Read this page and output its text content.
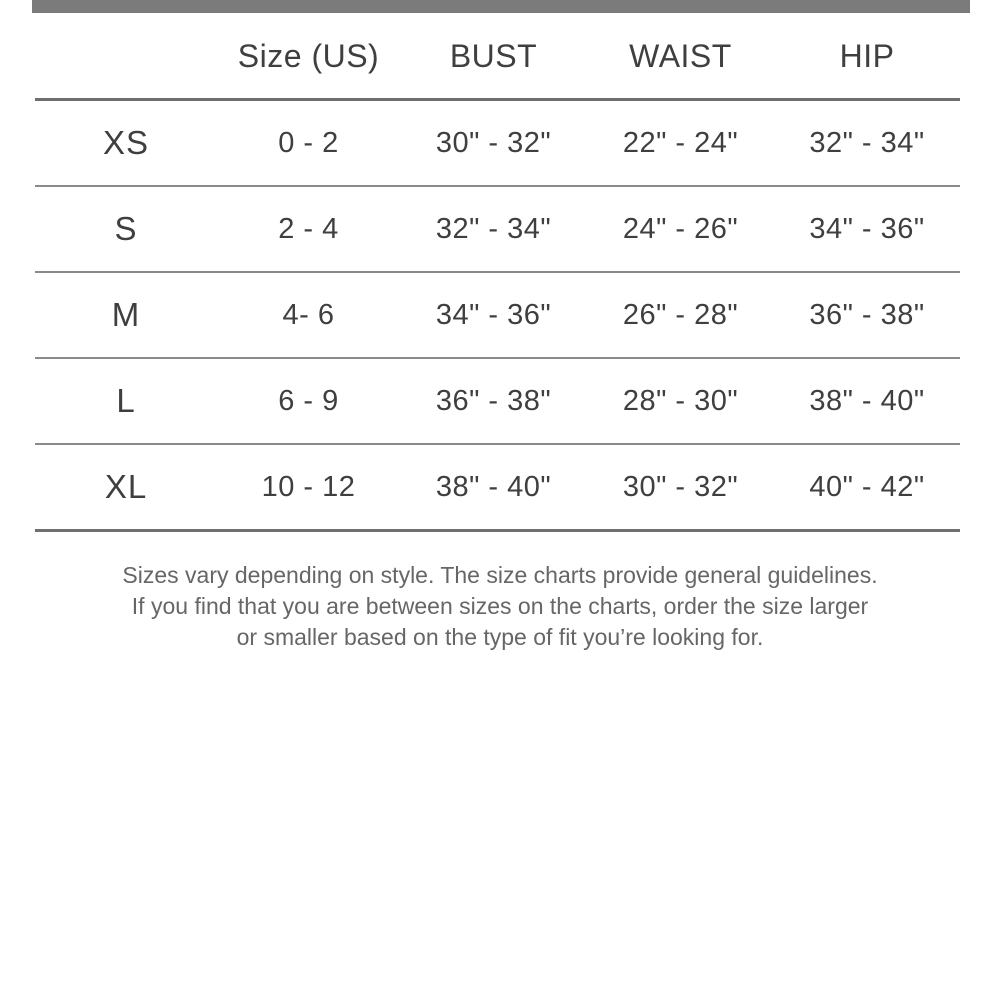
	Size (US)	BUST	WAIST	HIP
XS	0 - 2	30" - 32"	22" - 24"	32" - 34"
S	2 - 4	32" - 34"	24" - 26"	34" - 36"
M	4- 6	34" - 36"	26" - 28"	36" - 38"
L	6 - 9	36" - 38"	28" - 30"	38" - 40"
XL	10 - 12	38" - 40"	30" - 32"	40" - 42"
Sizes vary depending on style. The size charts provide general guidelines.
If you find that you are between sizes on the charts, order the size larger
or smaller based on the type of fit you’re looking for.
